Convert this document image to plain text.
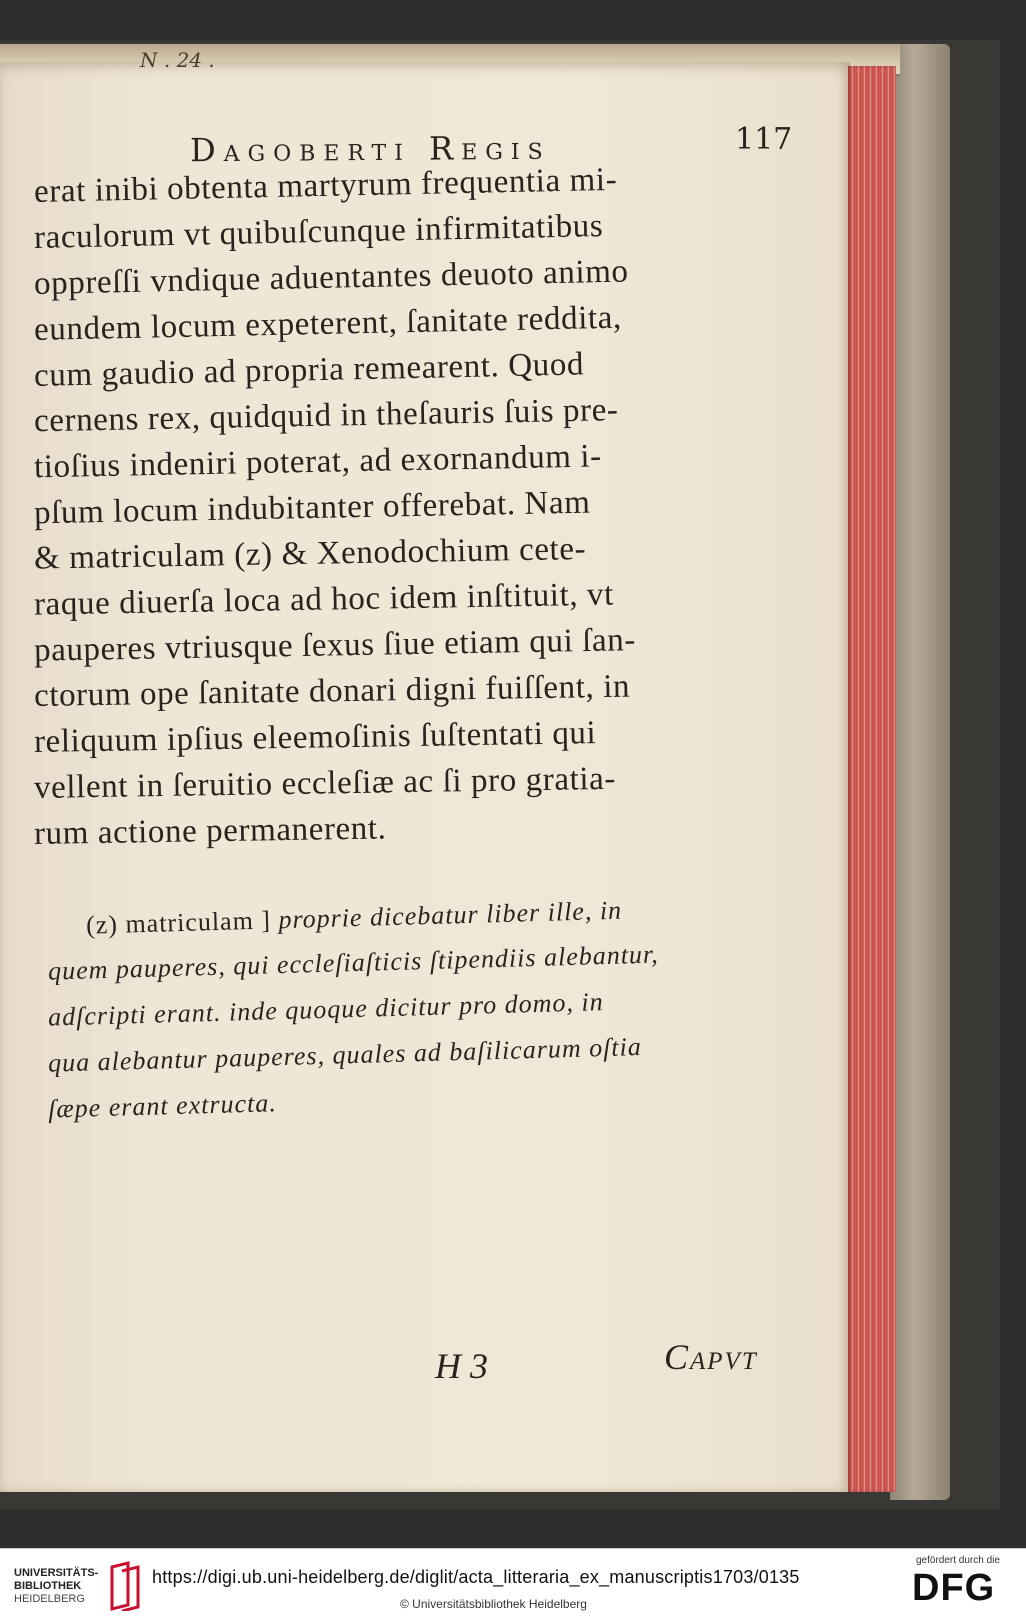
N . 24 .
Dagoberti Regis	117
erat inibi obtenta martyrum frequentia mi-
raculorum vt quibuſcunque infirmitatibus
oppreſſi vndique aduentantes deuoto animo
eundem locum expeterent, ſanitate reddita,
cum gaudio ad propria remearent. Quod
cernens rex, quidquid in theſauris ſuis pre-
tioſius indeniri poterat, ad exornandum i-
pſum locum indubitanter offerebat. Nam
& matriculam (z) & Xenodochium cete-
raque diuerſa loca ad hoc idem inſtituit, vt
pauperes vtriusque ſexus ſiue etiam qui ſan-
ctorum ope ſanitate donari digni fuiſſent, in
reliquum ipſius eleemoſinis ſuſtentati qui
vellent in ſeruitio eccleſiæ ac ſi pro gratia-
rum actione permanerent.
(z) matriculam ] proprie dicebatur liber ille, in
quem pauperes, qui eccleſiaſticis ſtipendiis alebantur,
adſcripti erant. inde quoque dicitur pro domo, in
qua alebantur pauperes, quales ad baſilicarum oſtia
ſæpe erant extructa.
H 3	Capvt
UNIVERSITÄTS-
BIBLIOTHEK
HEIDELBERG
https://digi.ub.uni-heidelberg.de/diglit/acta_litteraria_ex_manuscriptis1703/0135
© Universitätsbibliothek Heidelberg
gefördert durch die
DFG
